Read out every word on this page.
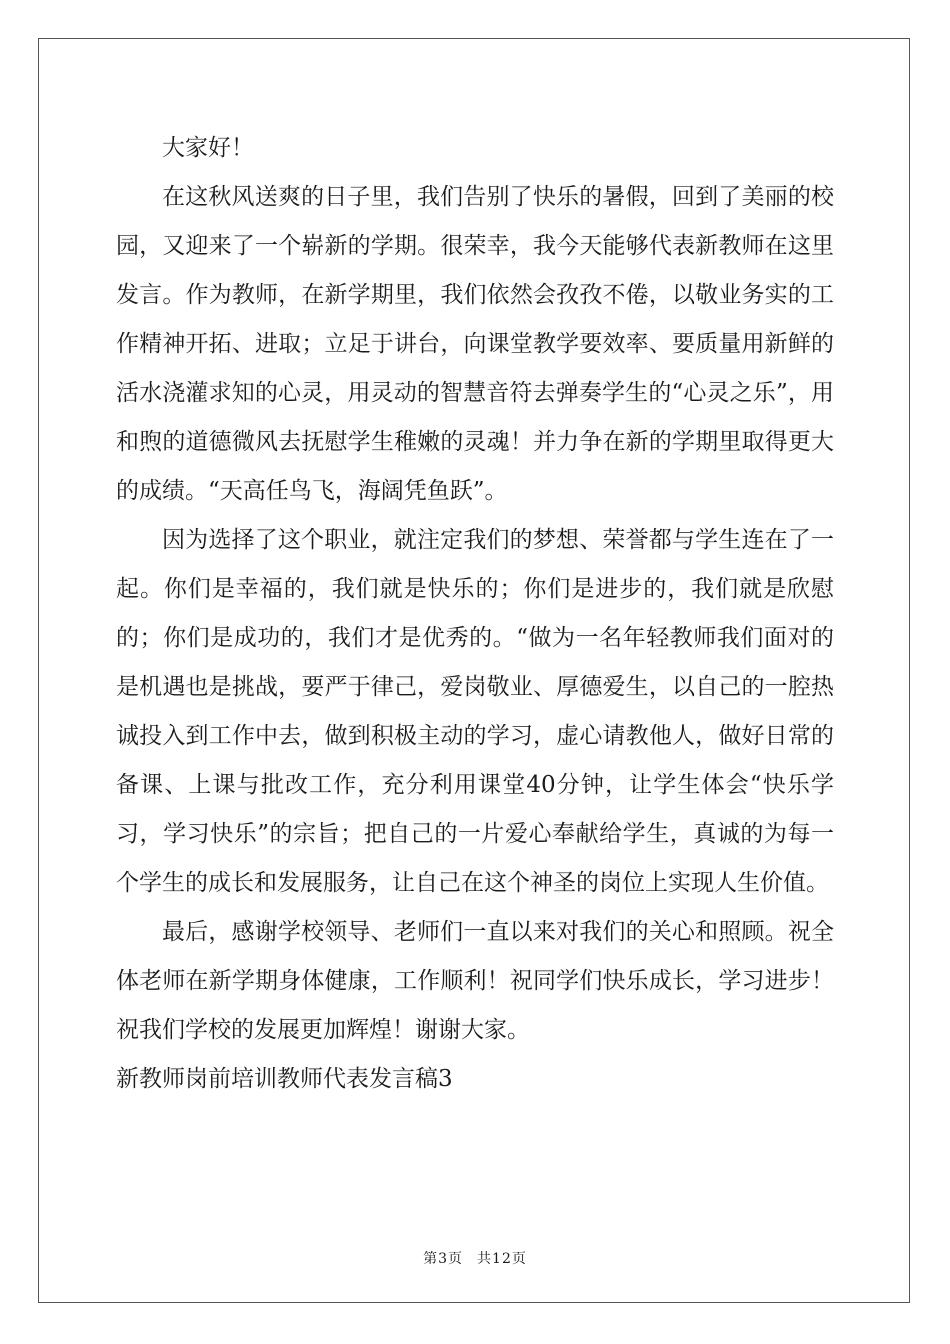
大家好！

在这秋风送爽的日子里，我们告别了快乐的暑假，回到了美丽的校园，又迎来了一个崭新的学期。很荣幸，我今天能够代表新教师在这里发言。作为教师，在新学期里，我们依然会孜孜不倦，以敬业务实的工作精神开拓、进取；立足于讲台，向课堂教学要效率、要质量用新鲜的活水浇灌求知的心灵，用灵动的智慧音符去弹奏学生的“心灵之乐”，用和煦的道德微风去抚慰学生稚嫩的灵魂！并力争在新的学期里取得更大的成绩。“天高任鸟飞，海阔凭鱼跃”。

因为选择了这个职业，就注定我们的梦想、荣誉都与学生连在了一起。你们是幸福的，我们就是快乐的；你们是进步的，我们就是欣慰的；你们是成功的，我们才是优秀的。“做为一名年轻教师我们面对的是机遇也是挑战，要严于律己，爱岗敬业、厚德爱生，以自己的一腔热诚投入到工作中去，做到积极主动的学习，虚心请教他人，做好日常的备课、上课与批改工作，充分利用课堂40分钟，让学生体会“快乐学习，学习快乐”的宗旨；把自己的一片爱心奉献给学生，真诚的为每一个学生的成长和发展服务，让自己在这个神圣的岗位上实现人生价值。

最后，感谢学校领导、老师们一直以来对我们的关心和照顾。祝全体老师在新学期身体健康，工作顺利！祝同学们快乐成长，学习进步！祝我们学校的发展更加辉煌！谢谢大家。

新教师岗前培训教师代表发言稿3

第3页 共12页
